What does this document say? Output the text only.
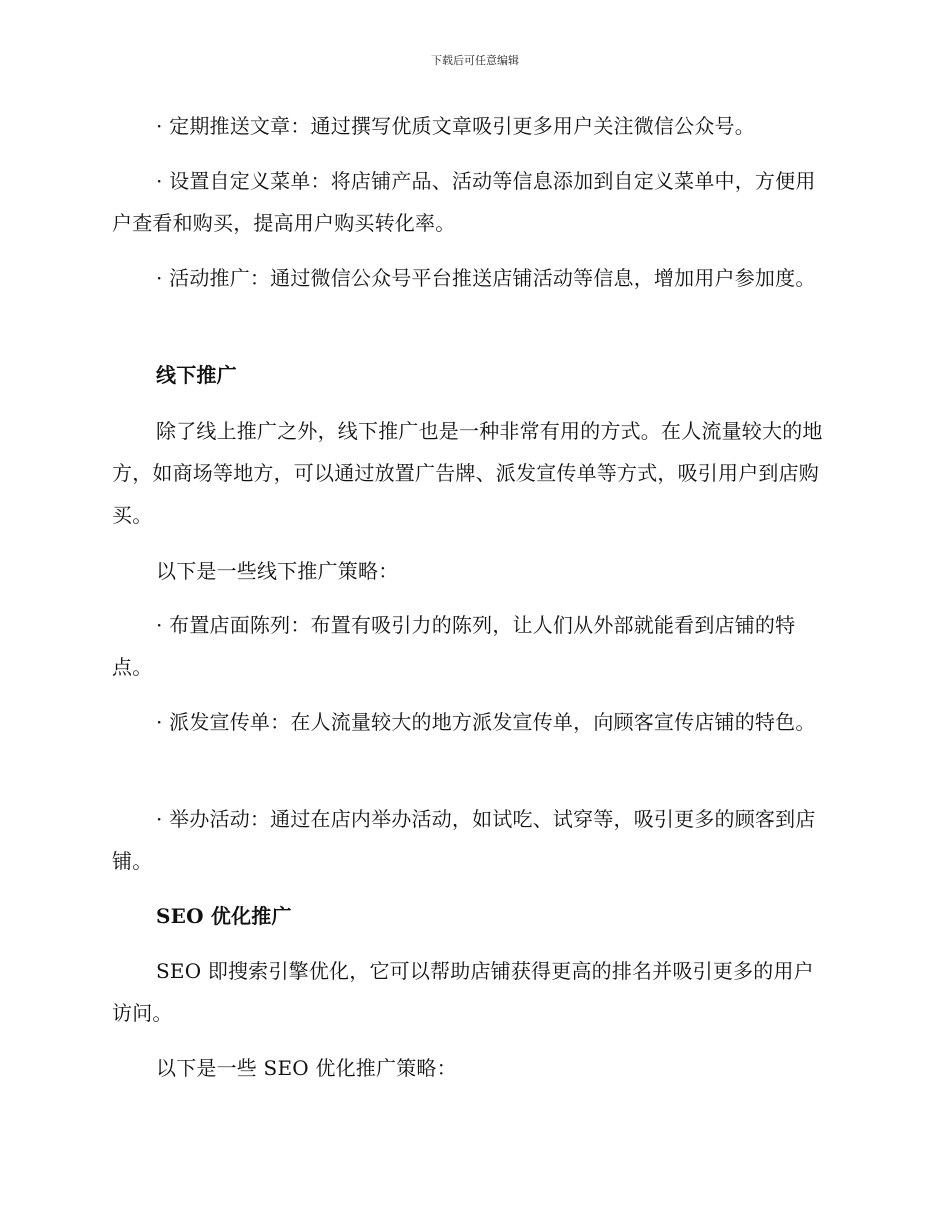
下载后可任意编辑

· 定期推送文章：通过撰写优质文章吸引更多用户关注微信公众号。

· 设置自定义菜单：将店铺产品、活动等信息添加到自定义菜单中，方便用户查看和购买，提高用户购买转化率。

· 活动推广：通过微信公众号平台推送店铺活动等信息，增加用户参加度。

线下推广

除了线上推广之外，线下推广也是一种非常有用的方式。在人流量较大的地方，如商场等地方，可以通过放置广告牌、派发宣传单等方式，吸引用户到店购买。

以下是一些线下推广策略：

· 布置店面陈列：布置有吸引力的陈列，让人们从外部就能看到店铺的特点。

· 派发宣传单：在人流量较大的地方派发宣传单，向顾客宣传店铺的特色。

· 举办活动：通过在店内举办活动，如试吃、试穿等，吸引更多的顾客到店铺。

SEO 优化推广

SEO 即搜索引擎优化，它可以帮助店铺获得更高的排名并吸引更多的用户访问。

以下是一些 SEO 优化推广策略：
